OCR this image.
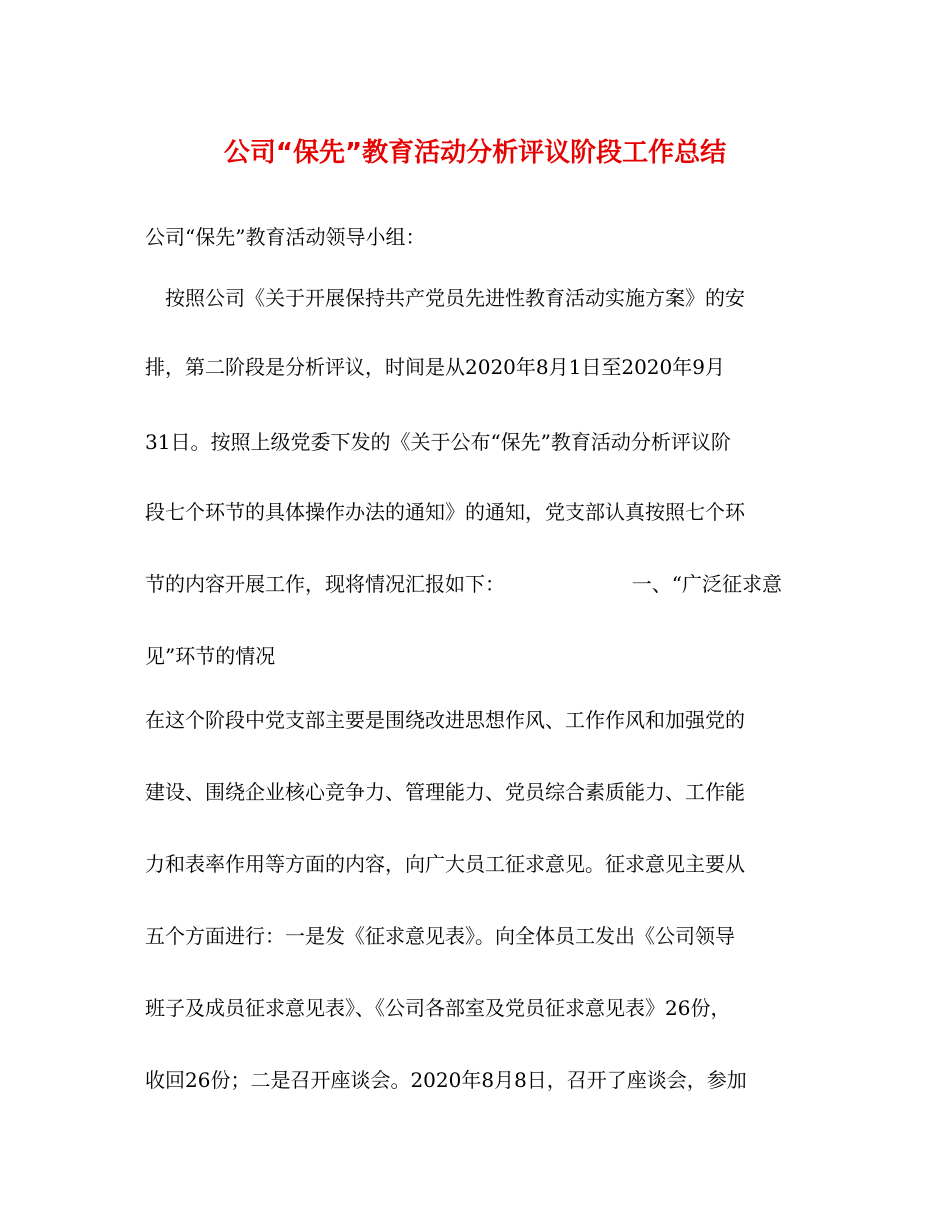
公司“保先”教育活动分析评议阶段工作总结
公司“保先”教育活动领导小组：
　按照公司《关于开展保持共产党员先进性教育活动实施方案》的安
排，第二阶段是分析评议，时间是从2020年8月1日至2020年9月
31日。按照上级党委下发的《关于公布“保先”教育活动分析评议阶
段七个环节的具体操作办法的通知》的通知，党支部认真按照七个环
节的内容开展工作，现将情况汇报如下：	一、“广泛征求意
见”环节的情况
在这个阶段中党支部主要是围绕改进思想作风、工作作风和加强党的
建设、围绕企业核心竞争力、管理能力、党员综合素质能力、工作能
力和表率作用等方面的内容，向广大员工征求意见。征求意见主要从
五个方面进行：一是发《征求意见表》。向全体员工发出《公司领导
班子及成员征求意见表》、《公司各部室及党员征求意见表》26份，
收回26份；二是召开座谈会。2020年8月8日，召开了座谈会，参加
